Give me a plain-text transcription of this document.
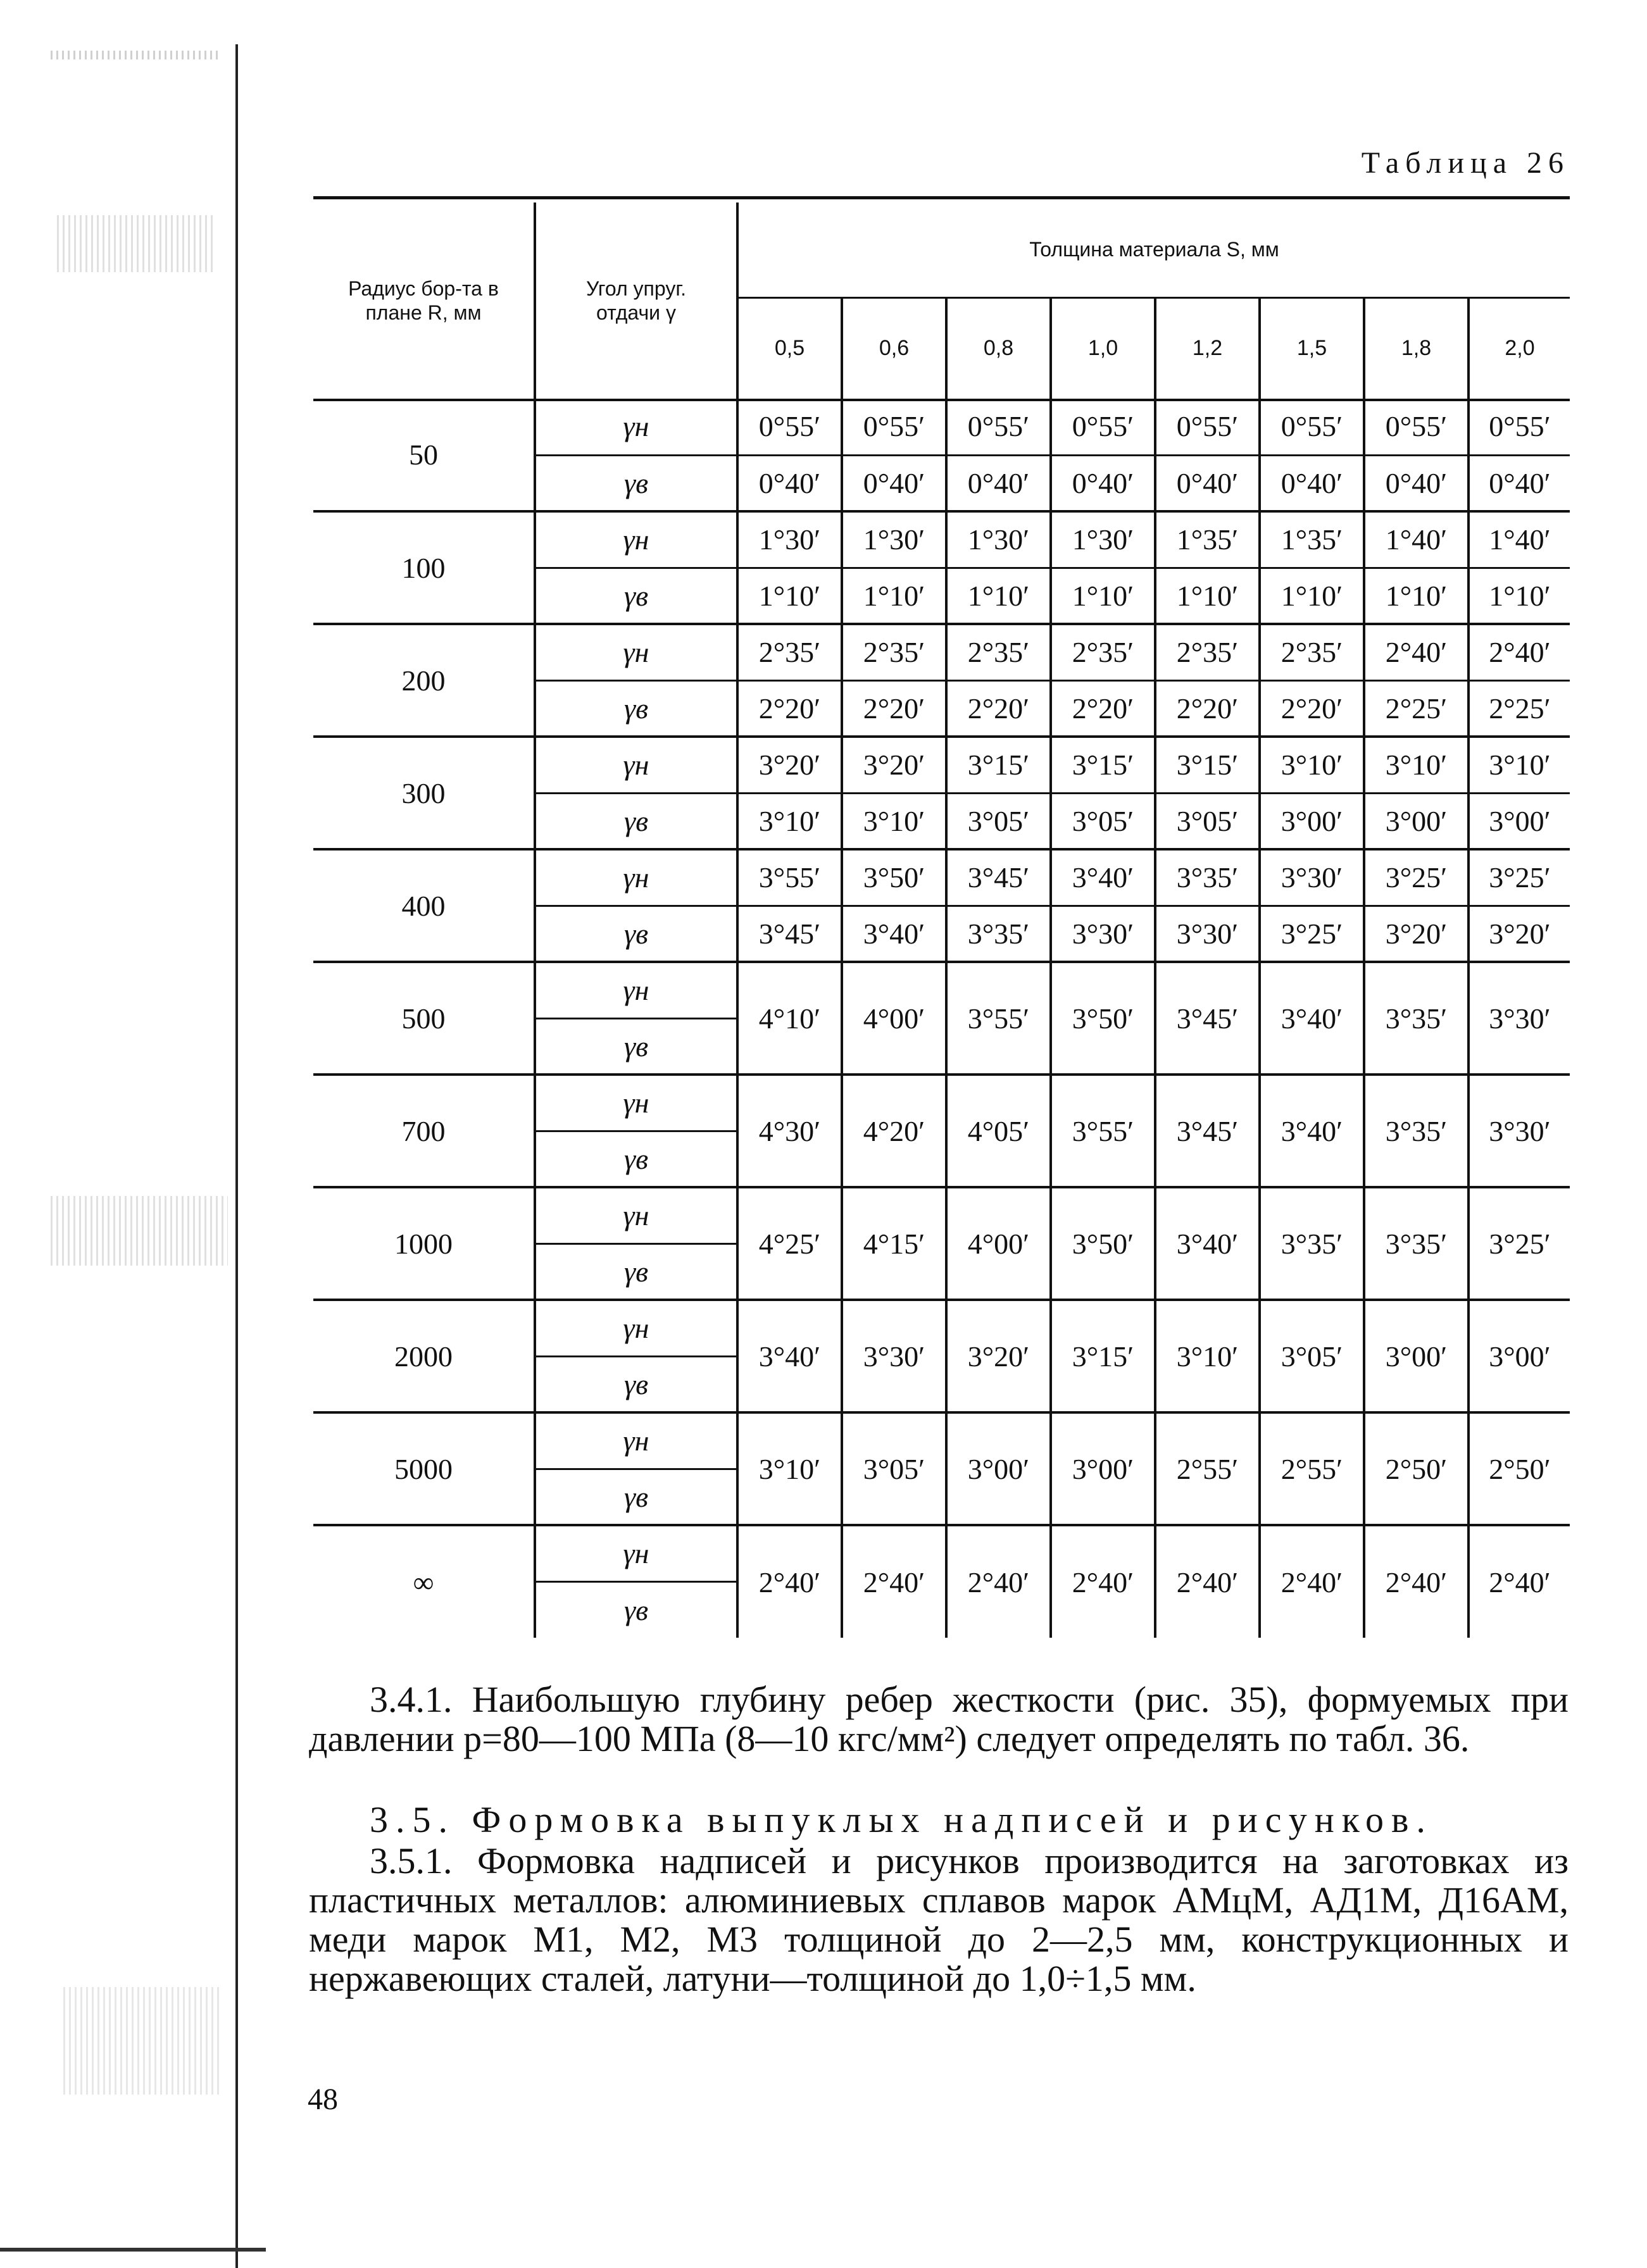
Таблица 26
Радиус бор-та в плане R, мм	Угол упруг. отдачи γ	Толщина материала S, мм							
		0,5	0,6	0,8	1,0	1,2	1,5	1,8	2,0
50	γн	0°55′	0°55′	0°55′	0°55′	0°55′	0°55′	0°55′	0°55′
	γв	0°40′	0°40′	0°40′	0°40′	0°40′	0°40′	0°40′	0°40′
100	γн	1°30′	1°30′	1°30′	1°30′	1°35′	1°35′	1°40′	1°40′
	γв	1°10′	1°10′	1°10′	1°10′	1°10′	1°10′	1°10′	1°10′
200	γн	2°35′	2°35′	2°35′	2°35′	2°35′	2°35′	2°40′	2°40′
	γв	2°20′	2°20′	2°20′	2°20′	2°20′	2°20′	2°25′	2°25′
300	γн	3°20′	3°20′	3°15′	3°15′	3°15′	3°10′	3°10′	3°10′
	γв	3°10′	3°10′	3°05′	3°05′	3°05′	3°00′	3°00′	3°00′
400	γн	3°55′	3°50′	3°45′	3°40′	3°35′	3°30′	3°25′	3°25′
	γв	3°45′	3°40′	3°35′	3°30′	3°30′	3°25′	3°20′	3°20′
500	γн	4°10′	4°00′	3°55′	3°50′	3°45′	3°40′	3°35′	3°30′
	γв								
700	γн	4°30′	4°20′	4°05′	3°55′	3°45′	3°40′	3°35′	3°30′
	γв								
1000	γн	4°25′	4°15′	4°00′	3°50′	3°40′	3°35′	3°35′	3°25′
	γв								
2000	γн	3°40′	3°30′	3°20′	3°15′	3°10′	3°05′	3°00′	3°00′
	γв								
5000	γн	3°10′	3°05′	3°00′	3°00′	2°55′	2°55′	2°50′	2°50′
	γв								
∞	γн	2°40′	2°40′	2°40′	2°40′	2°40′	2°40′	2°40′	2°40′
	γв								
3.4.1. Наибольшую глубину ребер жесткости (рис. 35), формуемых при давлении p=80—100 МПа (8—10 кгс/мм²) следует определять по табл. 36.
3.5. Формовка выпуклых надписей и рисунков.
3.5.1. Формовка надписей и рисунков производится на заготовках из пластичных металлов: алюминиевых сплавов марок АМцМ, АД1М, Д16АМ, меди марок М1, М2, М3 толщиной до 2—2,5 мм, конструкционных и нержавеющих сталей, латуни—толщиной до 1,0÷1,5 мм.
48
